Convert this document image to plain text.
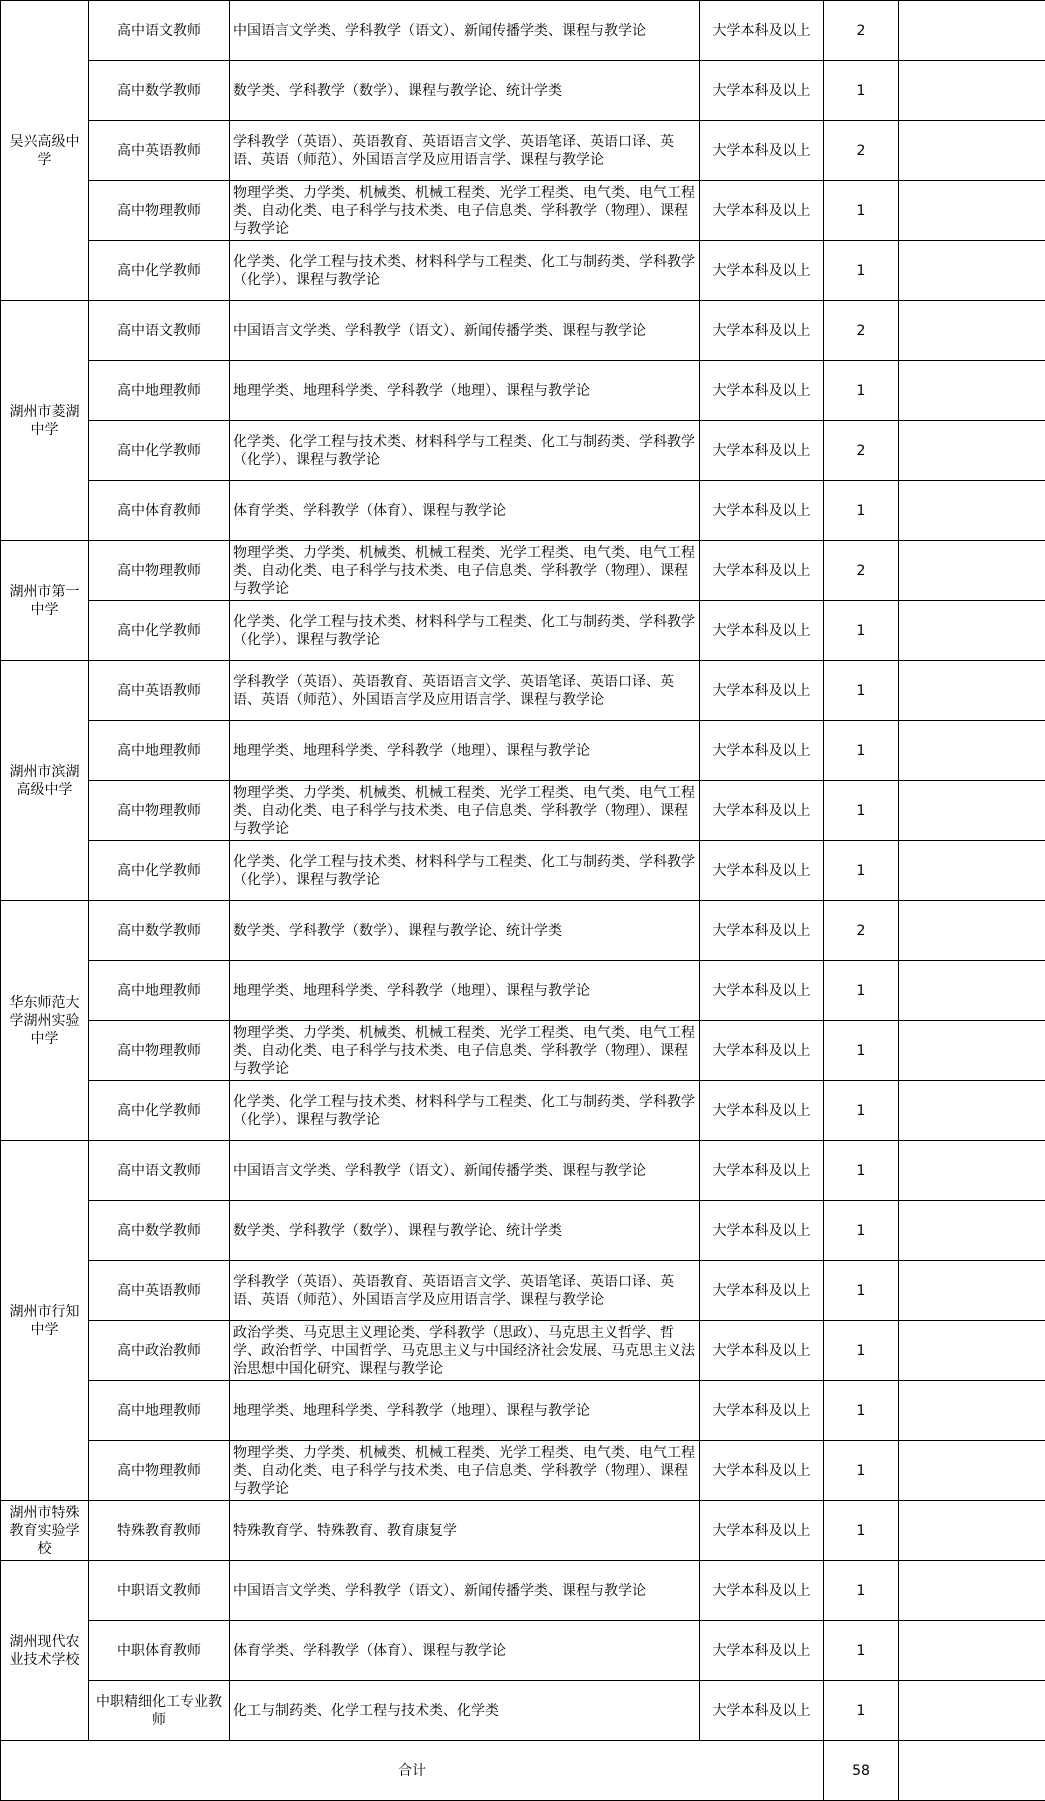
吴兴高级中学	高中语文教师	中国语言文学类、学科教学（语文）、新闻传播学类、课程与教学论	大学本科及以上	2	
	高中数学教师	数学类、学科教学（数学）、课程与教学论、统计学类	大学本科及以上	1	
	高中英语教师	学科教学（英语）、英语教育、英语语言文学、英语笔译、英语口译、英语、英语（师范）、外国语言学及应用语言学、课程与教学论	大学本科及以上	2	
	高中物理教师	物理学类、力学类、机械类、机械工程类、光学工程类、电气类、电气工程类、自动化类、电子科学与技术类、电子信息类、学科教学（物理）、课程与教学论	大学本科及以上	1	
	高中化学教师	化学类、化学工程与技术类、材料科学与工程类、化工与制药类、学科教学（化学）、课程与教学论	大学本科及以上	1	
湖州市菱湖中学	高中语文教师	中国语言文学类、学科教学（语文）、新闻传播学类、课程与教学论	大学本科及以上	2	
	高中地理教师	地理学类、地理科学类、学科教学（地理）、课程与教学论	大学本科及以上	1	
	高中化学教师	化学类、化学工程与技术类、材料科学与工程类、化工与制药类、学科教学（化学）、课程与教学论	大学本科及以上	2	
	高中体育教师	体育学类、学科教学（体育）、课程与教学论	大学本科及以上	1	
湖州市第一中学	高中物理教师	物理学类、力学类、机械类、机械工程类、光学工程类、电气类、电气工程类、自动化类、电子科学与技术类、电子信息类、学科教学（物理）、课程与教学论	大学本科及以上	2	
	高中化学教师	化学类、化学工程与技术类、材料科学与工程类、化工与制药类、学科教学（化学）、课程与教学论	大学本科及以上	1	
湖州市滨湖高级中学	高中英语教师	学科教学（英语）、英语教育、英语语言文学、英语笔译、英语口译、英语、英语（师范）、外国语言学及应用语言学、课程与教学论	大学本科及以上	1	
	高中地理教师	地理学类、地理科学类、学科教学（地理）、课程与教学论	大学本科及以上	1	
	高中物理教师	物理学类、力学类、机械类、机械工程类、光学工程类、电气类、电气工程类、自动化类、电子科学与技术类、电子信息类、学科教学（物理）、课程与教学论	大学本科及以上	1	
	高中化学教师	化学类、化学工程与技术类、材料科学与工程类、化工与制药类、学科教学（化学）、课程与教学论	大学本科及以上	1	
华东师范大学湖州实验中学	高中数学教师	数学类、学科教学（数学）、课程与教学论、统计学类	大学本科及以上	2	
	高中地理教师	地理学类、地理科学类、学科教学（地理）、课程与教学论	大学本科及以上	1	
	高中物理教师	物理学类、力学类、机械类、机械工程类、光学工程类、电气类、电气工程类、自动化类、电子科学与技术类、电子信息类、学科教学（物理）、课程与教学论	大学本科及以上	1	
	高中化学教师	化学类、化学工程与技术类、材料科学与工程类、化工与制药类、学科教学（化学）、课程与教学论	大学本科及以上	1	
湖州市行知中学	高中语文教师	中国语言文学类、学科教学（语文）、新闻传播学类、课程与教学论	大学本科及以上	1	
	高中数学教师	数学类、学科教学（数学）、课程与教学论、统计学类	大学本科及以上	1	
	高中英语教师	学科教学（英语）、英语教育、英语语言文学、英语笔译、英语口译、英语、英语（师范）、外国语言学及应用语言学、课程与教学论	大学本科及以上	1	
	高中政治教师	政治学类、马克思主义理论类、学科教学（思政）、马克思主义哲学、哲学、政治哲学、中国哲学、马克思主义与中国经济社会发展、马克思主义法治思想中国化研究、课程与教学论	大学本科及以上	1	
	高中地理教师	地理学类、地理科学类、学科教学（地理）、课程与教学论	大学本科及以上	1	
	高中物理教师	物理学类、力学类、机械类、机械工程类、光学工程类、电气类、电气工程类、自动化类、电子科学与技术类、电子信息类、学科教学（物理）、课程与教学论	大学本科及以上	1	
湖州市特殊教育实验学校	特殊教育教师	特殊教育学、特殊教育、教育康复学	大学本科及以上	1	
湖州现代农业技术学校	中职语文教师	中国语言文学类、学科教学（语文）、新闻传播学类、课程与教学论	大学本科及以上	1	
	中职体育教师	体育学类、学科教学（体育）、课程与教学论	大学本科及以上	1	
	中职精细化工专业教师	化工与制药类、化学工程与技术类、化学类	大学本科及以上	1	
合计				58	
